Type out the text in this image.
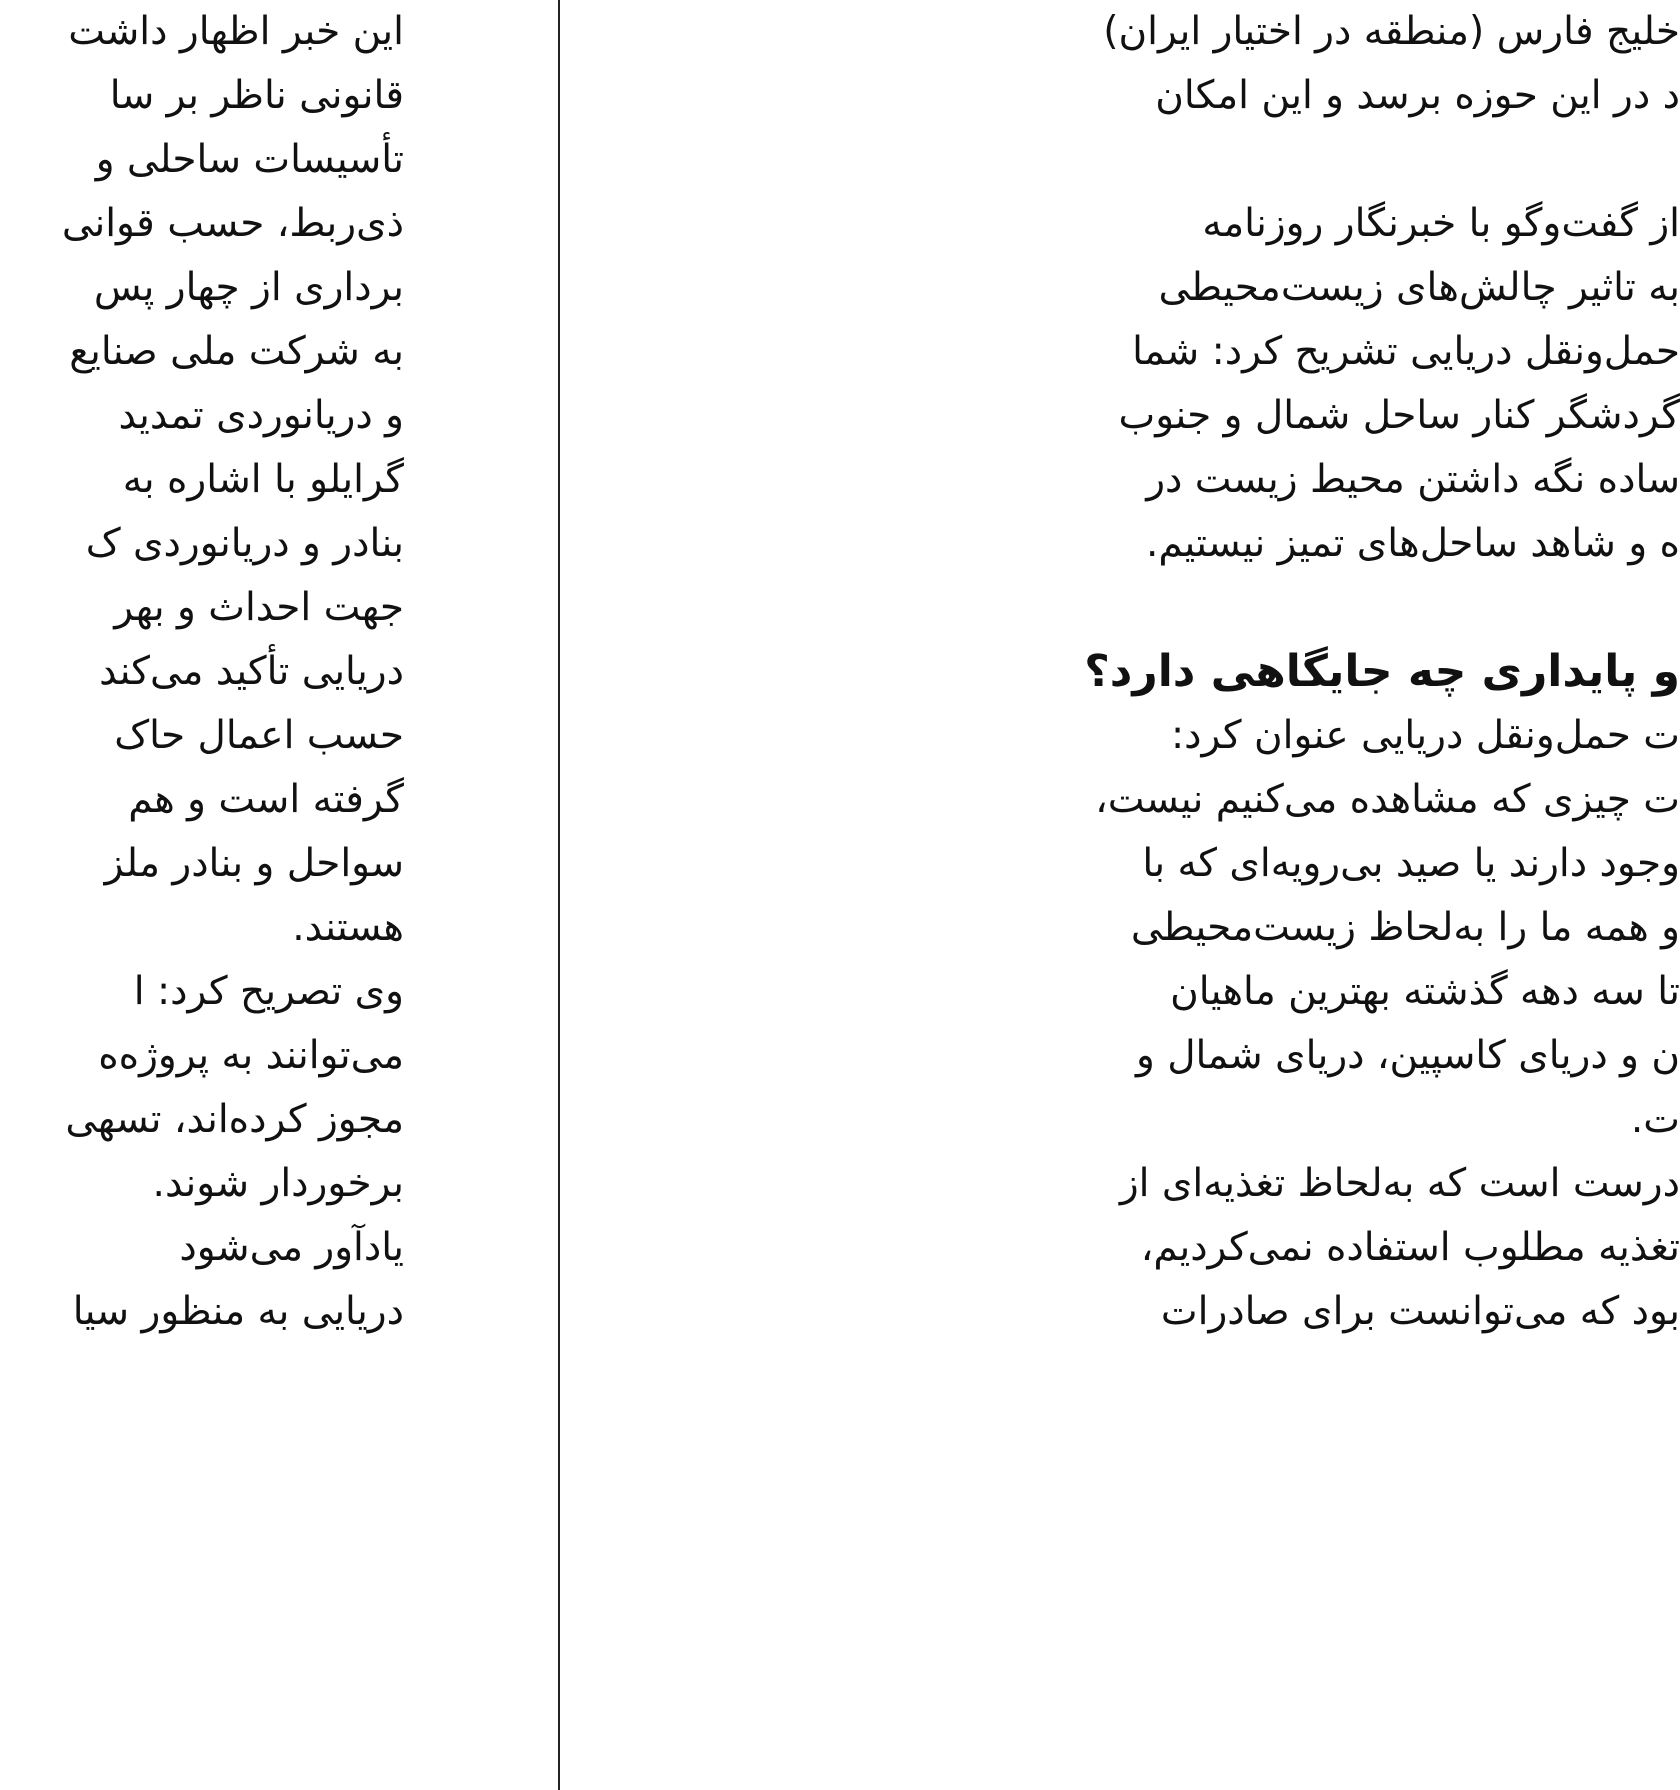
این خبر اظهار داشت
قانونی ناظر بر سا
تأسیسات ساحلی و
ذی‌ربط، حسب قوانی
برداری از چهار پس
به شرکت ملی صنایع
و دریانوردی تمدید
گرایلو با اشاره به
بنادر و دریانوردی ک
جهت احداث و بهر
دریایی تأکید می‌کند
حسب اعمال حاک
گرفته است و هم
سواحل و بنادر ملز
هستند.
وی تصریح کرد: ا
می‌توانند به پروژه‌ه
مجوز کرده‌اند، تسهی
برخوردار شوند.
یادآور می‌شود
دریایی به منظور سیا
خلیج فارس (منطقه در اختیار ایران)
د در این حوزه برسد و این امکان
از گفت‌وگو با خبرنگار روزنامه
به تاثیر چالش‌های زیست‌محیطی
حمل‌ونقل دریایی تشریح کرد: شما
گردشگر کنار ساحل شمال و جنوب
ساده نگه داشتن محیط زیست در
ه و شاهد ساحل‌های تمیز نیستیم.
و پایداری چه جایگاهی دارد؟
ت حمل‌ونقل دریایی عنوان کرد:
ت چیزی که مشاهده می‌کنیم نیست،
وجود دارند یا صید بی‌رویه‌ای که با
و همه ما را به‌لحاظ زیست‌محیطی
تا سه دهه گذشته بهترین ماهیان
ن و دریای کاسپین، دریای شمال و
ت.
درست است که به‌لحاظ تغذیه‌ای از
تغذیه مطلوب استفاده نمی‌کردیم،
بود که می‌توانست برای صادرات
